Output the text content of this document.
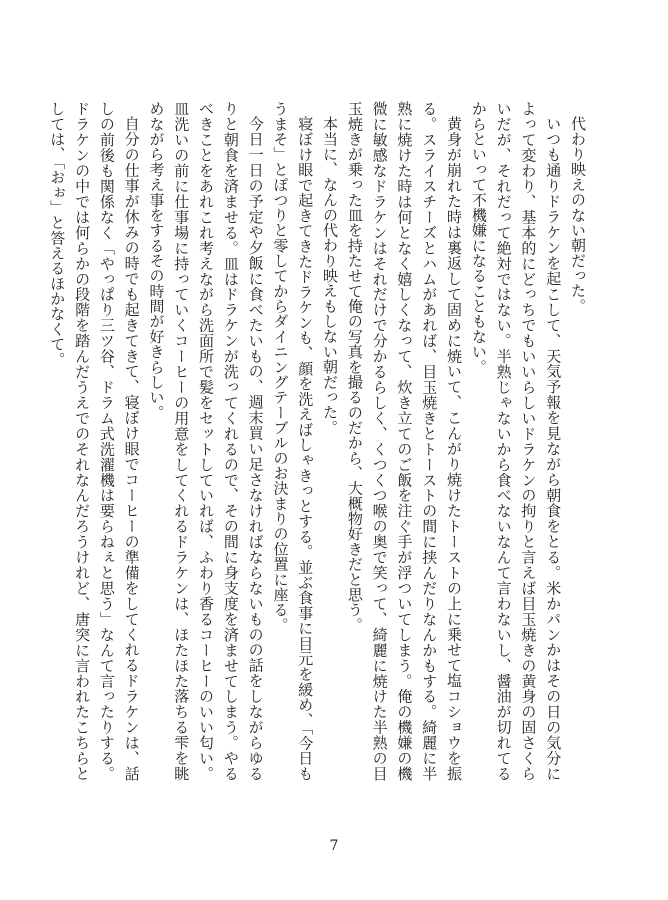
代わり映えのない朝だった。

いつも通りドラケンを起こして、天気予報を見ながら朝食をとる。米かパンかはその日の気分によって変わり、基本的にどっちでもいいらしいドラケンの拘りと言えば目玉焼きの黄身の固さくらいだが、それだって絶対ではない。半熟じゃないから食べないなんて言わないし、醤油が切れてるからといって不機嫌になることもない。

黄身が崩れた時は裏返して固めに焼いて、こんがり焼けたトーストの上に乗せて塩コショウを振る。スライスチーズとハムがあれば、目玉焼きとトーストの間に挟んだりなんかもする。綺麗に半熟に焼けた時は何となく嬉しくなって、炊き立てのご飯を注ぐ手が浮ついてしまう。俺の機嫌の機微に敏感なドラケンはそれだけで分かるらしく、くつくつ喉の奥で笑って、綺麗に焼けた半熟の目玉焼きが乗った皿を持たせて俺の写真を撮るのだから、大概物好きだと思う。

本当に、なんの代わり映えもしない朝だった。

寝ぼけ眼で起きてきたドラケンも、顔を洗えばしゃきっとする。並ぶ食事に目元を緩め、「今日もうまそ」とぽつりと零してからダイニングテーブルのお決まりの位置に座る。

今日一日の予定や夕飯に食べたいもの、週末買い足さなければならないものの話をしながらゆるりと朝食を済ませる。皿はドラケンが洗ってくれるので、その間に身支度を済ませてしまう。やるべきことをあれこれ考えながら洗面所で髪をセットしていれば、ふわり香るコーヒーのいい匂い。皿洗いの前に仕事場に持っていくコーヒーの用意をしてくれるドラケンは、ほたほた落ちる雫を眺めながら考え事をするその時間が好きらしい。

自分の仕事が休みの時でも起きてきて、寝ぼけ眼でコーヒーの準備をしてくれるドラケンは、話しの前後も関係なく「やっぱり三ツ谷、ドラム式洗濯機は要らねぇと思う」なんて言ったりする。ドラケンの中では何らかの段階を踏んだうえでのそれなんだろうけれど、唐突に言われたこちらとしては、「おぉ」と答えるほかなくて。

7
